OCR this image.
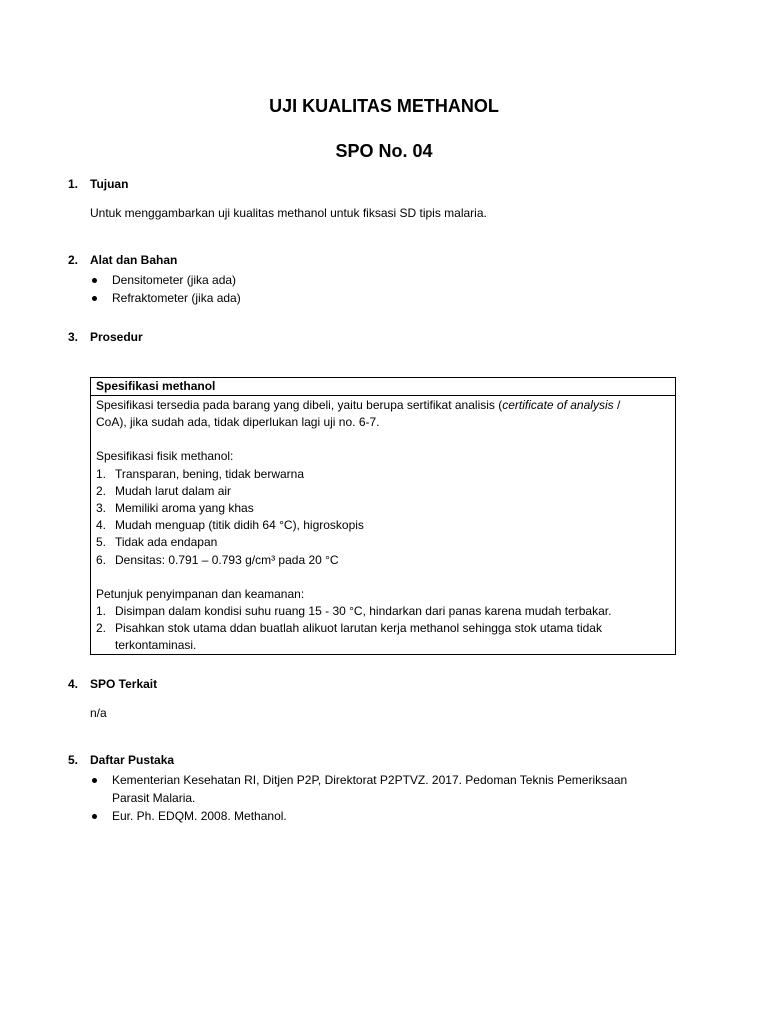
UJI KUALITAS METHANOL
SPO No. 04
1. Tujuan
Untuk menggambarkan uji kualitas methanol untuk fiksasi SD tipis malaria.
2. Alat dan Bahan
Densitometer (jika ada)
Refraktometer (jika ada)
3. Prosedur
Spesifikasi methanol
Spesifikasi tersedia pada barang yang dibeli, yaitu berupa sertifikat analisis (certificate of analysis /
CoA), jika sudah ada, tidak diperlukan lagi uji no. 6-7.
Spesifikasi fisik methanol:
1. Transparan, bening, tidak berwarna
2. Mudah larut dalam air
3. Memiliki aroma yang khas
4. Mudah menguap (titik didih 64 °C), higroskopis
5. Tidak ada endapan
6. Densitas: 0.791 – 0.793 g/cm³ pada 20 °C
Petunjuk penyimpanan dan keamanan:
1. Disimpan dalam kondisi suhu ruang 15 - 30 °C, hindarkan dari panas karena mudah terbakar.
2. Pisahkan stok utama ddan buatlah alikuot larutan kerja methanol sehingga stok utama tidak
terkontaminasi.
4. SPO Terkait
n/a
5. Daftar Pustaka
Kementerian Kesehatan RI, Ditjen P2P, Direktorat P2PTVZ. 2017. Pedoman Teknis Pemeriksaan
Parasit Malaria.
Eur. Ph. EDQM. 2008. Methanol.
